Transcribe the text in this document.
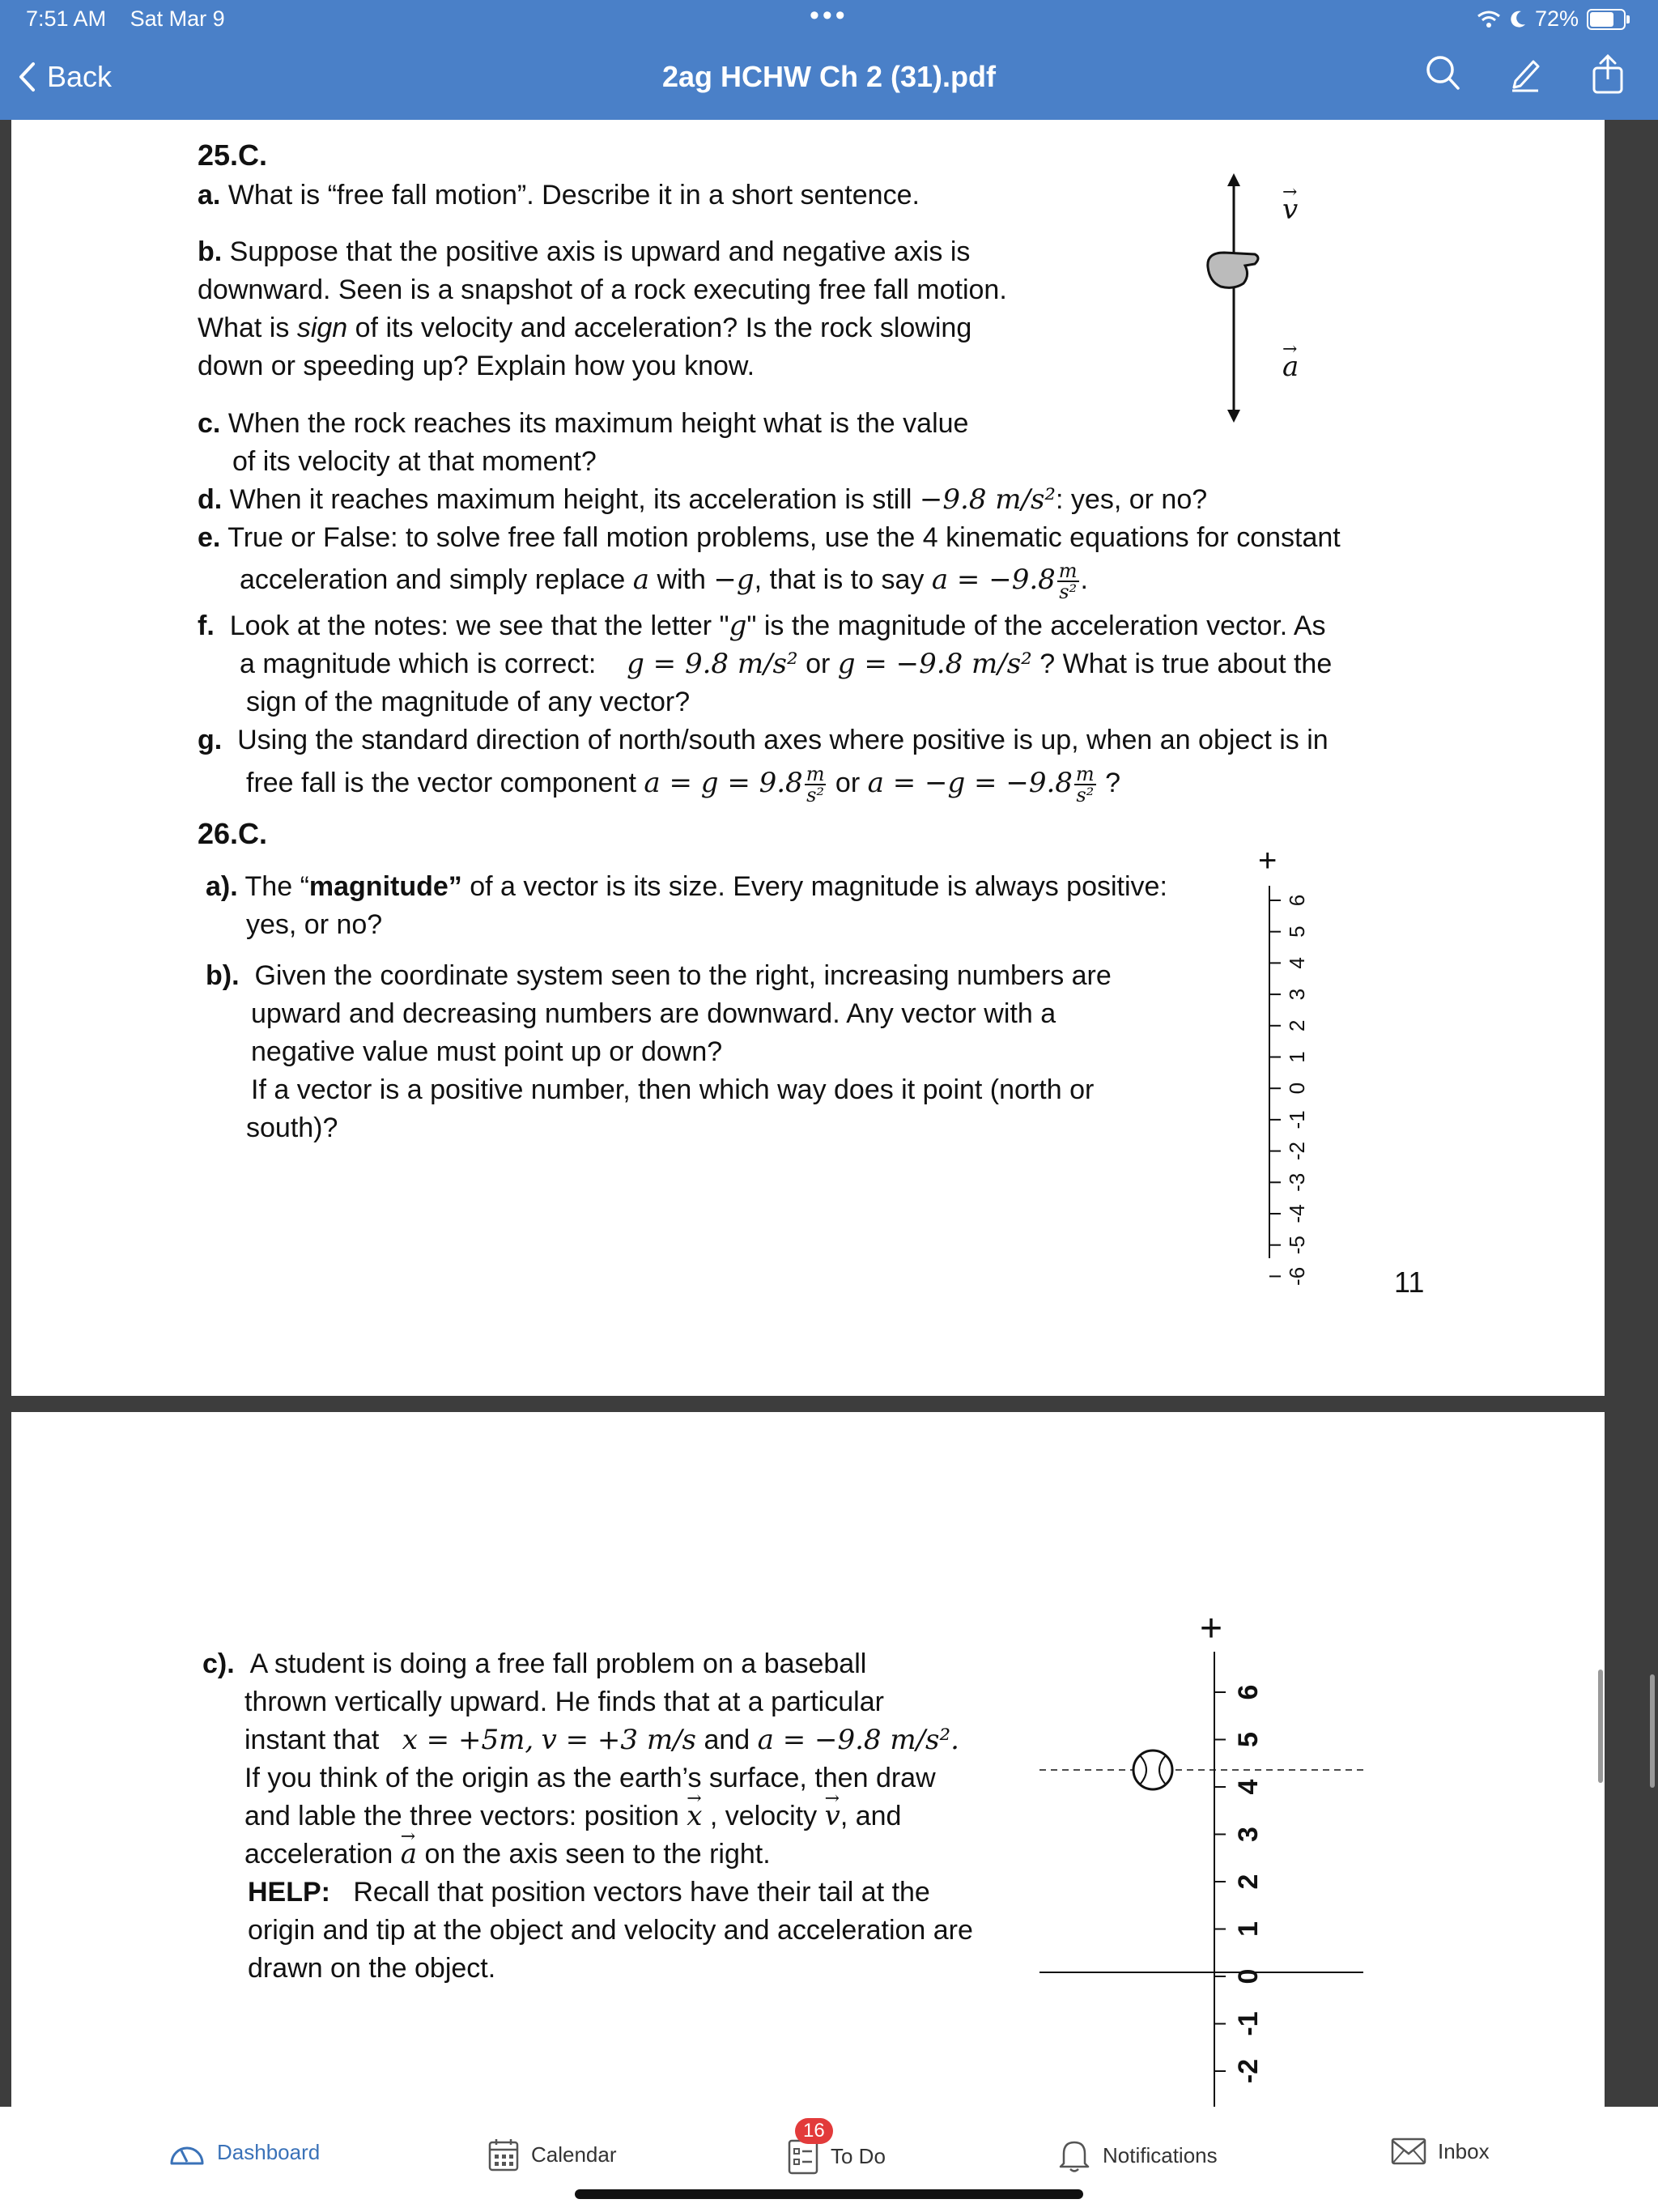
7:51 AM Sat Mar 9	•••	72%
Back	2ag HCHW Ch 2 (31).pdf
25.C.
a. What is “free fall motion”. Describe it in a short sentence.
b. Suppose that the positive axis is upward and negative axis is
downward. Seen is a snapshot of a rock executing free fall motion.
What is sign of its velocity and acceleration? Is the rock slowing
down or speeding up? Explain how you know.
→ v
→ a
c. When the rock reaches its maximum height what is the value
of its velocity at that moment?
d. When it reaches maximum height, its acceleration is still −9.8 m/s²: yes, or no?
e. True or False: to solve free fall motion problems, use the 4 kinematic equations for constant
acceleration and simply replace a with −g, that is to say $a = -9.8 \frac{m}{\text{s²}}$ .
f. Look at the notes: we see that the letter "g" is the magnitude of the acceleration vector. As
a magnitude which is correct: g = 9.8 m/s² or g = −9.8 m/s² ? What is true about the
sign of the magnitude of any vector?
g. Using the standard direction of north/south axes where positive is up, when an object is in
free fall is the vector component $a = g = 9.8 \frac{m}{\text{s²}}$ or $a = -g = -9.8 \frac{m}{\text{s²}}$ ?
26.C.
a). The “magnitude” of a vector is its size. Every magnitude is always positive:
yes, or no?
b). Given the coordinate system seen to the right, increasing numbers are
upward and decreasing numbers are downward. Any vector with a
negative value must point up or down?
If a vector is a positive number, then which way does it point (north or
south)?
+
-6
-5
-4
-3
-2
-1
0
1
2
3
4
5
6
11
c). A student is doing a free fall problem on a baseball
thrown vertically upward. He finds that at a particular
instant that x = +5m, v = +3 m/s and a = −9.8 m/s².
If you think of the origin as the earth’s surface, then draw
and lable the three vectors: position → x , velocity → v, and
acceleration → a on the axis seen to the right.
HELP: Recall that position vectors have their tail at the
origin and tip at the object and velocity and acceleration are
drawn on the object.
+
-2
-1
0
1
2
3
4
5
6
Dashboard	Calendar	To Do
16
Notifications	Inbox
